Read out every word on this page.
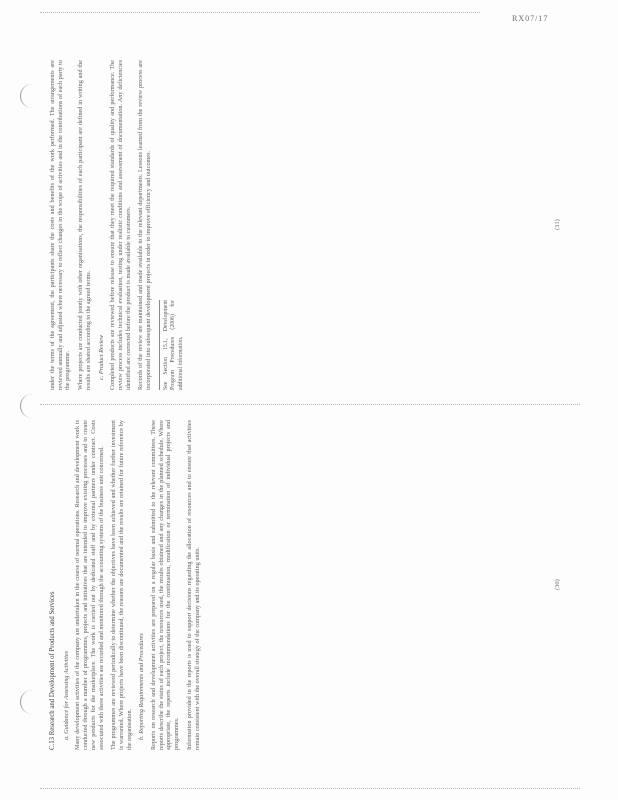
RX07/17
C.13 Research and Development of Products and Services a. Guidance for Assessing Activities Many development activities of the company are undertaken in the course of normal operations. Research and development work is conducted through a number of programmes, projects and initiatives that are intended to improve existing processes and to create new products for the marketplace. The work is carried out by dedicated staff and by external partners under contract. Costs associated with these activities are recorded and monitored through the accounting systems of the business unit concerned. The programmes are reviewed periodically to determine whether the objectives have been achieved and whether further investment is warranted. Where projects have been discontinued, the reasons are documented and the results are retained for future reference by the organisation. b. Reporting Requirements and Procedures Reports on research and development activities are prepared on a regular basis and submitted to the relevant committees. These reports describe the status of each project, the resources used, the results obtained and any changes in the planned schedule. Where appropriate, the reports include recommendations for the continuation, modification or termination of individual projects and programmes. Information provided in the reports is used to support decisions regarding the allocation of resources and to ensure that activities remain consistent with the overall strategy of the company and its operating units.

under the terms of the agreement, the participants share the costs and benefits of the work performed. The arrangements are reviewed annually and adjusted where necessary to reflect changes in the scope of activities and in the contributions of each party to the programme. Where projects are conducted jointly with other organisations, the responsibilities of each participant are defined in writing and the results are shared according to the agreed terms. c. Product Review Completed products are reviewed before release to ensure that they meet the required standards of quality and performance. The review process includes technical evaluation, testing under realistic conditions and assessment of documentation. Any deficiencies identified are corrected before the product is made available to customers. Records of the review are maintained and made available to the relevant departments. Lessons learned from the review process are incorporated into subsequent development projects in order to improve efficiency and outcomes.	See Section 15.1, Development Program Procedures (2006) for additional information.
(30)
(31)
